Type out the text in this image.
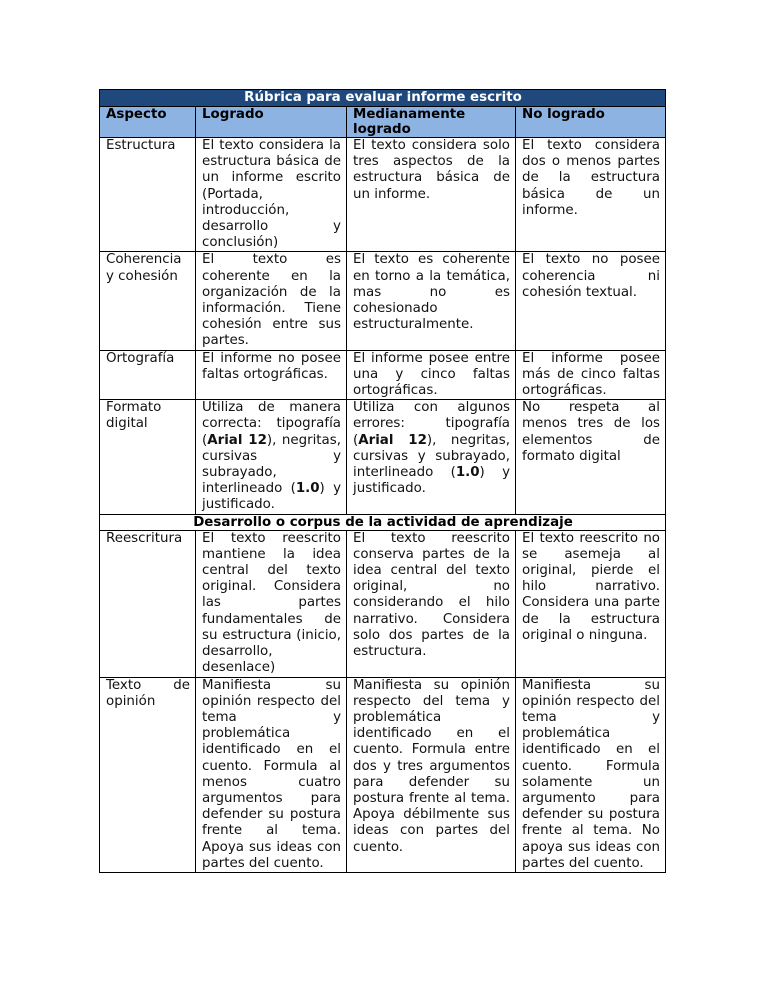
Rúbrica para evaluar informe escrito			
Aspecto	Logrado	Medianamente logrado	No logrado
Estructura	El texto considera la estructura básica de un informe escrito (Portada, introducción, desarrollo y conclusión)	El texto considera solo tres aspectos de la estructura básica de un informe.	El texto considera dos o menos partes de la estructura básica de un informe.
Coherencia y cohesión	El texto es coherente en la organización de la información. Tiene cohesión entre sus partes.	El texto es coherente en torno a la temática, mas no es cohesionado estructuralmente.	El texto no posee coherencia ni cohesión textual.
Ortografía	El informe no posee faltas ortográficas.	El informe posee entre una y cinco faltas ortográficas.	El informe posee más de cinco faltas ortográficas.
Formato digital	Utiliza de manera correcta: tipografía (Arial 12), negritas, cursivas y subrayado, interlineado (1.0) y justificado.	Utiliza con algunos errores: tipografía (Arial 12), negritas, cursivas y subrayado, interlineado (1.0) y justificado.	No respeta al menos tres de los elementos de formato digital
Desarrollo o corpus de la actividad de aprendizaje			
Reescritura	El texto reescrito mantiene la idea central del texto original. Considera las partes fundamentales de su estructura (inicio, desarrollo, desenlace)	El texto reescrito conserva partes de la idea central del texto original, no considerando el hilo narrativo. Considera solo dos partes de la estructura.	El texto reescrito no se asemeja al original, pierde el hilo narrativo. Considera una parte de la estructura original o ninguna.
Texto de opinión	Manifiesta su opinión respecto del tema y problemática identificado en el cuento. Formula al menos cuatro argumentos para defender su postura frente al tema. Apoya sus ideas con partes del cuento.	Manifiesta su opinión respecto del tema y problemática identificado en el cuento. Formula entre dos y tres argumentos para defender su postura frente al tema. Apoya débilmente sus ideas con partes del cuento.	Manifiesta su opinión respecto del tema y problemática identificado en el cuento. Formula solamente un argumento para defender su postura frente al tema. No apoya sus ideas con partes del cuento.
